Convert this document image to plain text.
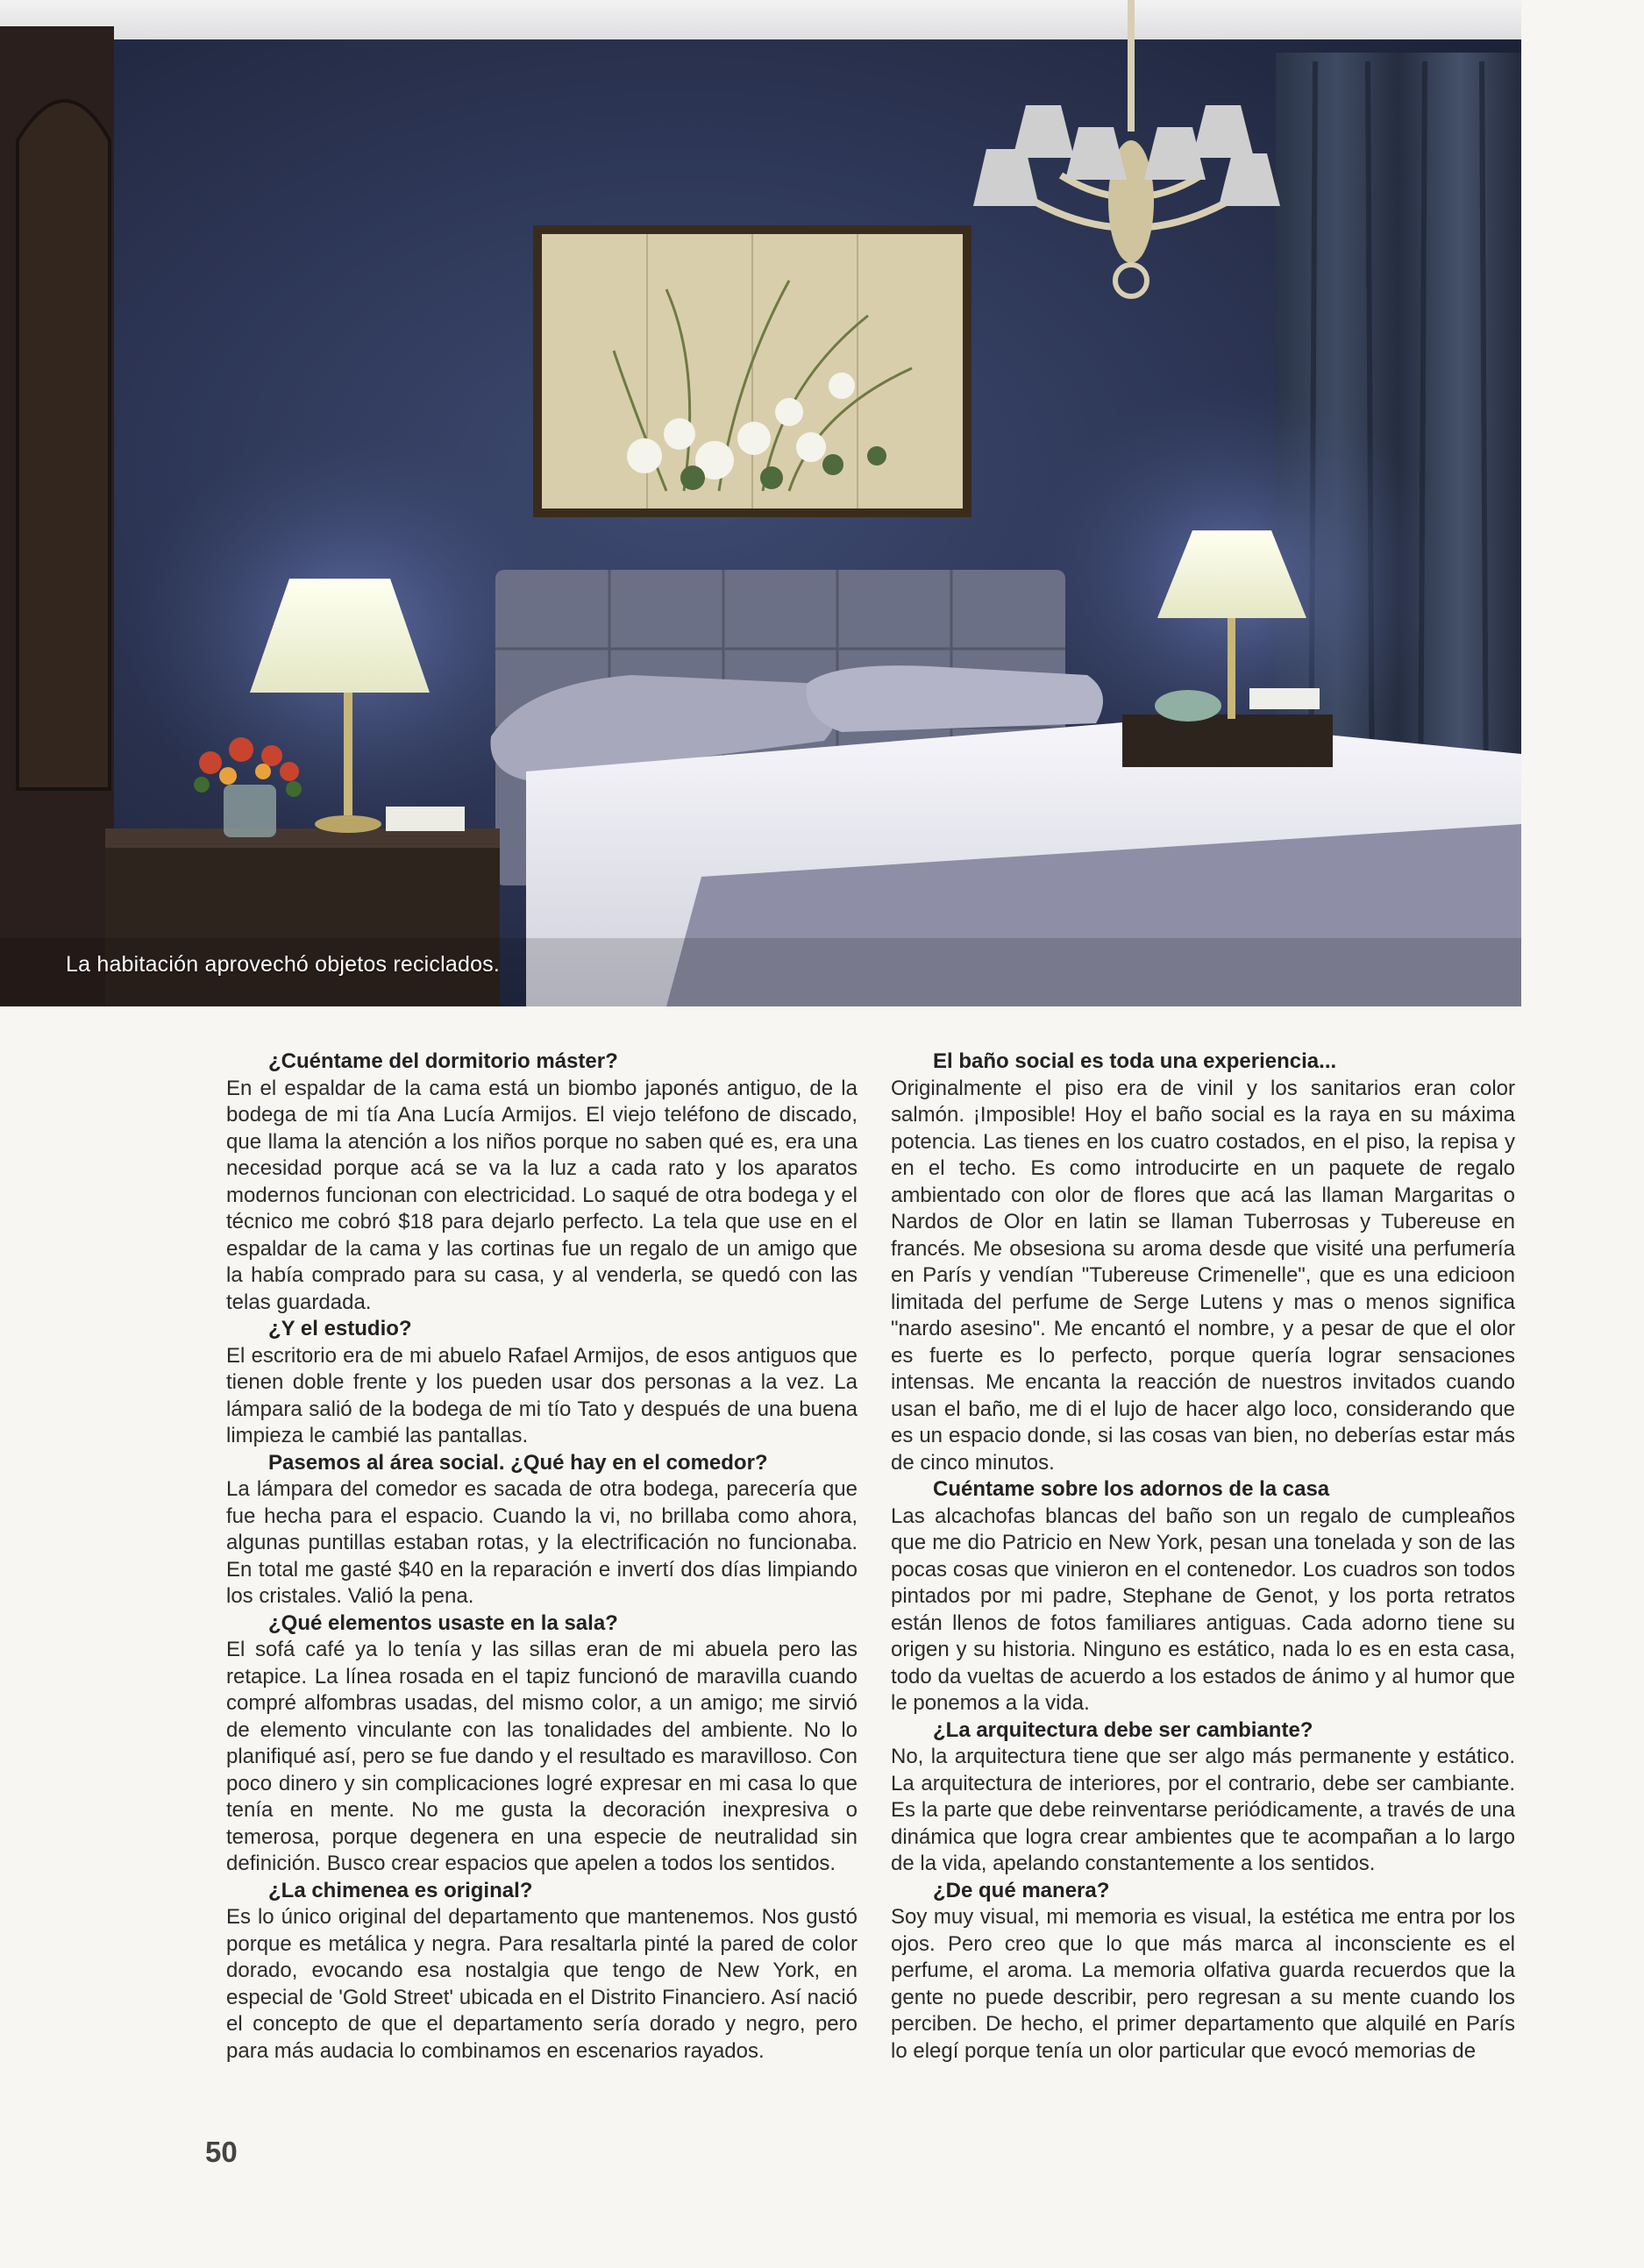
La habitación aprovechó objetos reciclados.
¿Cuéntame del dormitorio máster?
En el espaldar de la cama está un biombo japonés antiguo, de la bodega de mi tía Ana Lucía Armijos. El viejo teléfono de discado, que llama la atención a los niños porque no saben qué es, era una necesidad porque acá se va la luz a cada rato y los aparatos modernos funcionan con electricidad. Lo saqué de otra bodega y el técnico me cobró $18 para dejarlo perfecto. La tela que use en el espaldar de la cama y las cortinas fue un regalo de un amigo que la había comprado para su casa, y al venderla, se quedó con las telas guardada.
¿Y el estudio?
El escritorio era de mi abuelo Rafael Armijos, de esos antiguos que tienen doble frente y los pueden usar dos personas a la vez. La lámpara salió de la bodega de mi tío Tato y después de una buena limpieza le cambié las pantallas.
Pasemos al área social. ¿Qué hay en el comedor?
La lámpara del comedor es sacada de otra bodega, parecería que fue hecha para el espacio. Cuando la vi, no brillaba como ahora, algunas puntillas estaban rotas, y la electrificación no funcionaba. En total me gasté $40 en la reparación e invertí dos días limpiando los cristales. Valió la pena.
¿Qué elementos usaste en la sala?
El sofá café ya lo tenía y las sillas eran de mi abuela pero las retapice. La línea rosada en el tapiz funcionó de maravilla cuando compré alfombras usadas, del mismo color, a un amigo; me sirvió de elemento vinculante con las tonalidades del ambiente. No lo planifiqué así, pero se fue dando y el resultado es maravilloso. Con poco dinero y sin complicaciones logré expresar en mi casa lo que tenía en mente. No me gusta la decoración inexpresiva o temerosa, porque degenera en una especie de neutralidad sin definición. Busco crear espacios que apelen a todos los sentidos.
¿La chimenea es original?
Es lo único original del departamento que mantenemos. Nos gustó porque es metálica y negra. Para resaltarla pinté la pared de color dorado, evocando esa nostalgia que tengo de New York, en especial de 'Gold Street' ubicada en el Distrito Financiero. Así nació el concepto de que el departamento sería dorado y negro, pero para más audacia lo combinamos en escenarios rayados.
El baño social es toda una experiencia...
Originalmente el piso era de vinil y los sanitarios eran color salmón. ¡Imposible! Hoy el baño social es la raya en su máxima potencia. Las tienes en los cuatro costados, en el piso, la repisa y en el techo. Es como introducirte en un paquete de regalo ambientado con olor de flores que acá las llaman Margaritas o Nardos de Olor en latin se llaman Tuberrosas y Tubereuse en francés. Me obsesiona su aroma desde que visité una perfumería en París y vendían "Tubereuse Crimenelle", que es una edicioon limitada del perfume de Serge Lutens y mas o menos significa "nardo asesino". Me encantó el nombre, y a pesar de que el olor es fuerte es lo perfecto, porque quería lograr sensaciones intensas. Me encanta la reacción de nuestros invitados cuando usan el baño, me di el lujo de hacer algo loco, considerando que es un espacio donde, si las cosas van bien, no deberías estar más de cinco minutos.
Cuéntame sobre los adornos de la casa
Las alcachofas blancas del baño son un regalo de cumpleaños que me dio Patricio en New York, pesan una tonelada y son de las pocas cosas que vinieron en el contenedor. Los cuadros son todos pintados por mi padre, Stephane de Genot, y los porta retratos están llenos de fotos familiares antiguas. Cada adorno tiene su origen y su historia. Ninguno es estático, nada lo es en esta casa, todo da vueltas de acuerdo a los estados de ánimo y al humor que le ponemos a la vida.
¿La arquitectura debe ser cambiante?
No, la arquitectura tiene que ser algo más permanente y estático. La arquitectura de interiores, por el contrario, debe ser cambiante. Es la parte que debe reinventarse periódicamente, a través de una dinámica que logra crear ambientes que te acompañan a lo largo de la vida, apelando constantemente a los sentidos.
¿De qué manera?
Soy muy visual, mi memoria es visual, la estética me entra por los ojos. Pero creo que lo que más marca al inconsciente es el perfume, el aroma. La memoria olfativa guarda recuerdos que la gente no puede describir, pero regresan a su mente cuando los perciben. De hecho, el primer departamento que alquilé en París lo elegí porque tenía un olor particular que evocó memorias de
50
